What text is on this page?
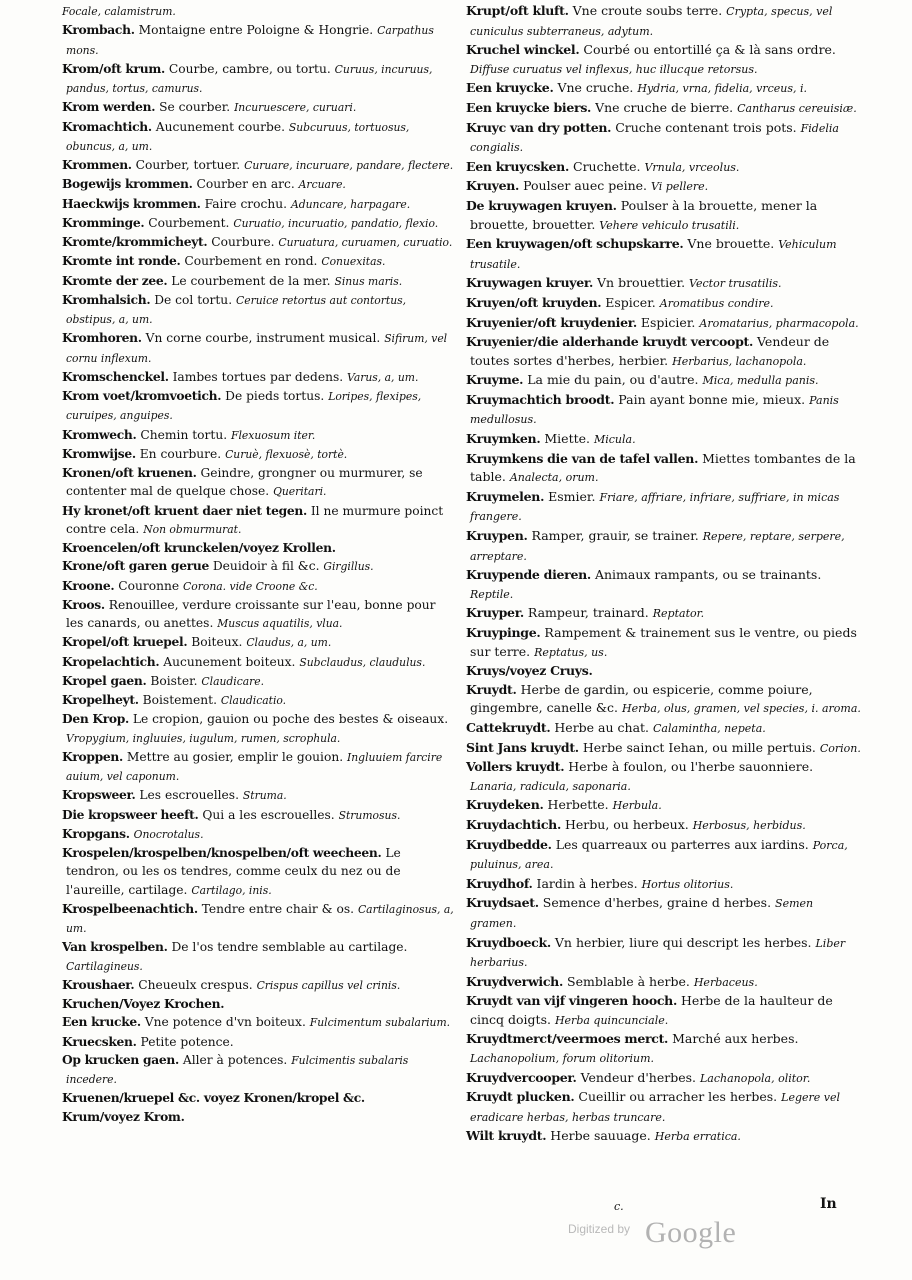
Focale, calamistrum.
Krombach. Montaigne entre Poloigne & Hongrie. Carpathus mons.
Krom/oft krum. Courbe, cambre, ou tortu. Curuus, incuruus, pandus, tortus, camurus.
Krom werden. Se courber. Incuruescere, curuari.
Kromachtich. Aucunement courbe. Subcuruus, tortuosus, obuncus, a, um.
Krommen. Courber, tortuer. Curuare, incuruare, pandare, flectere.
Bogewijs krommen. Courber en arc. Arcuare.
Haeckwijs krommen. Faire crochu. Aduncare, harpagare.
Kromminge. Courbement. Curuatio, incuruatio, pandatio, flexio.
Kromte/krommicheyt. Courbure. Curuatura, curuamen, curuatio.
Kromte int ronde. Courbement en rond. Conuexitas.
Kromte der zee. Le courbement de la mer. Sinus maris.
Kromhalsich. De col tortu. Ceruice retortus aut contortus, obstipus, a, um.
Kromhoren. Vn corne courbe, instrument musical. Sifirum, vel cornu inflexum.
Kromschenckel. Iambes tortues par dedens. Varus, a, um.
Krom voet/kromvoetich. De pieds tortus. Loripes, flexipes, curuipes, anguipes.
Kromwech. Chemin tortu. Flexuosum iter.
Kromwijse. En courbure. Curuè, flexuosè, tortè.
Kronen/oft kruenen. Geindre, grongner ou murmurer, se contenter mal de quelque chose. Queritari.
Hy kronet/oft kruent daer niet tegen. Il ne murmure poinct contre cela. Non obmurmurat.
Kroencelen/oft krunckelen/voyez Krollen.
Krone/oft garen gerue Deuidoir à fil &c. Girgillus.
Kroone. Couronne Corona. vide Croone &c.
Kroos. Renouillee, verdure croissante sur l'eau, bonne pour les canards, ou anettes. Muscus aquatilis, vlua.
Kropel/oft kruepel. Boiteux. Claudus, a, um.
Kropelachtich. Aucunement boiteux. Subclaudus, claudulus.
Kropel gaen. Boister. Claudicare.
Kropelheyt. Boistement. Claudicatio.
Den Krop. Le cropion, gauion ou poche des bestes & oiseaux. Vropygium, ingluuies, iugulum, rumen, scrophula.
Kroppen. Mettre au gosier, emplir le gouion. Ingluuiem farcire auium, vel caponum.
Kropsweer. Les escrouelles. Struma.
Die kropsweer heeft. Qui a les escrouelles. Strumosus.
Kropgans. Onocrotalus.
Krospelen/krospelben/knospelben/oft weecheen. Le tendron, ou les os tendres, comme ceulx du nez ou de l'aureille, cartilage. Cartilago, inis.
Krospelbeenachtich. Tendre entre chair & os. Cartilaginosus, a, um.
Van krospelben. De l'os tendre semblable au cartilage. Cartilagineus.
Kroushaer. Cheueulx crespus. Crispus capillus vel crinis.
Kruchen/Voyez Krochen.
Een krucke. Vne potence d'vn boiteux. Fulcimentum subalarium.
Kruecsken. Petite potence.
Op krucken gaen. Aller à potences. Fulcimentis subalaris incedere.
Kruenen/kruepel &c. voyez Kronen/kropel &c.
Krum/voyez Krom.
Krupt/oft kluft. Vne croute soubs terre. Crypta, specus, vel cuniculus subterraneus, adytum.
Kruchel winckel. Courbé ou entortillé ça & là sans ordre. Diffuse curuatus vel inflexus, huc illucque retorsus.
Een kruycke. Vne cruche. Hydria, vrna, fidelia, vrceus, i.
Een kruycke biers. Vne cruche de bierre. Cantharus cereuisiæ.
Kruyc van dry potten. Cruche contenant trois pots. Fidelia congialis.
Een kruycsken. Cruchette. Vrnula, vrceolus.
Kruyen. Poulser auec peine. Vi pellere.
De kruywagen kruyen. Poulser à la brouette, mener la brouette, brouetter. Vehere vehiculo trusatili.
Een kruywagen/oft schupskarre. Vne brouette. Vehiculum trusatile.
Kruywagen kruyer. Vn brouettier. Vector trusatilis.
Kruyen/oft kruyden. Espicer. Aromatibus condire.
Kruyenier/oft kruydenier. Espicier. Aromatarius, pharmacopola.
Kruyenier/die alderhande kruydt vercoopt. Vendeur de toutes sortes d'herbes, herbier. Herbarius, lachanopola.
Kruyme. La mie du pain, ou d'autre. Mica, medulla panis.
Kruymachtich broodt. Pain ayant bonne mie, mieux. Panis medullosus.
Kruymken. Miette. Micula.
Kruymkens die van de tafel vallen. Miettes tombantes de la table. Analecta, orum.
Kruymelen. Esmier. Friare, affriare, infriare, suffriare, in micas frangere.
Kruypen. Ramper, grauir, se trainer. Repere, reptare, serpere, arreptare.
Kruypende dieren. Animaux rampants, ou se trainants. Reptile.
Kruyper. Rampeur, trainard. Reptator.
Kruypinge. Rampement & trainement sus le ventre, ou pieds sur terre. Reptatus, us.
Kruys/voyez Cruys.
Kruydt. Herbe de gardin, ou espicerie, comme poiure, gingembre, canelle &c. Herba, olus, gramen, vel species, i. aroma.
Cattekruydt. Herbe au chat. Calamintha, nepeta.
Sint Jans kruydt. Herbe sainct Iehan, ou mille pertuis. Corion.
Vollers kruydt. Herbe à foulon, ou l'herbe sauonniere. Lanaria, radicula, saponaria.
Kruydeken. Herbette. Herbula.
Kruydachtich. Herbu, ou herbeux. Herbosus, herbidus.
Kruydbedde. Les quarreaux ou parterres aux iardins. Porca, puluinus, area.
Kruydhof. Iardin à herbes. Hortus olitorius.
Kruydsaet. Semence d'herbes, graine d herbes. Semen gramen.
Kruydboeck. Vn herbier, liure qui descript les herbes. Liber herbarius.
Kruydverwich. Semblable à herbe. Herbaceus.
Kruydt van vijf vingeren hooch. Herbe de la haulteur de cincq doigts. Herba quincunciale.
Kruydtmerct/veermoes merct. Marché aux herbes. Lachanopolium, forum olitorium.
Kruydvercooper. Vendeur d'herbes. Lachanopola, olitor.
Kruydt plucken. Cueillir ou arracher les herbes. Legere vel eradicare herbas, herbas truncare.
Wilt kruydt. Herbe sauuage. Herba erratica.
c.	In
Digitized by Google
